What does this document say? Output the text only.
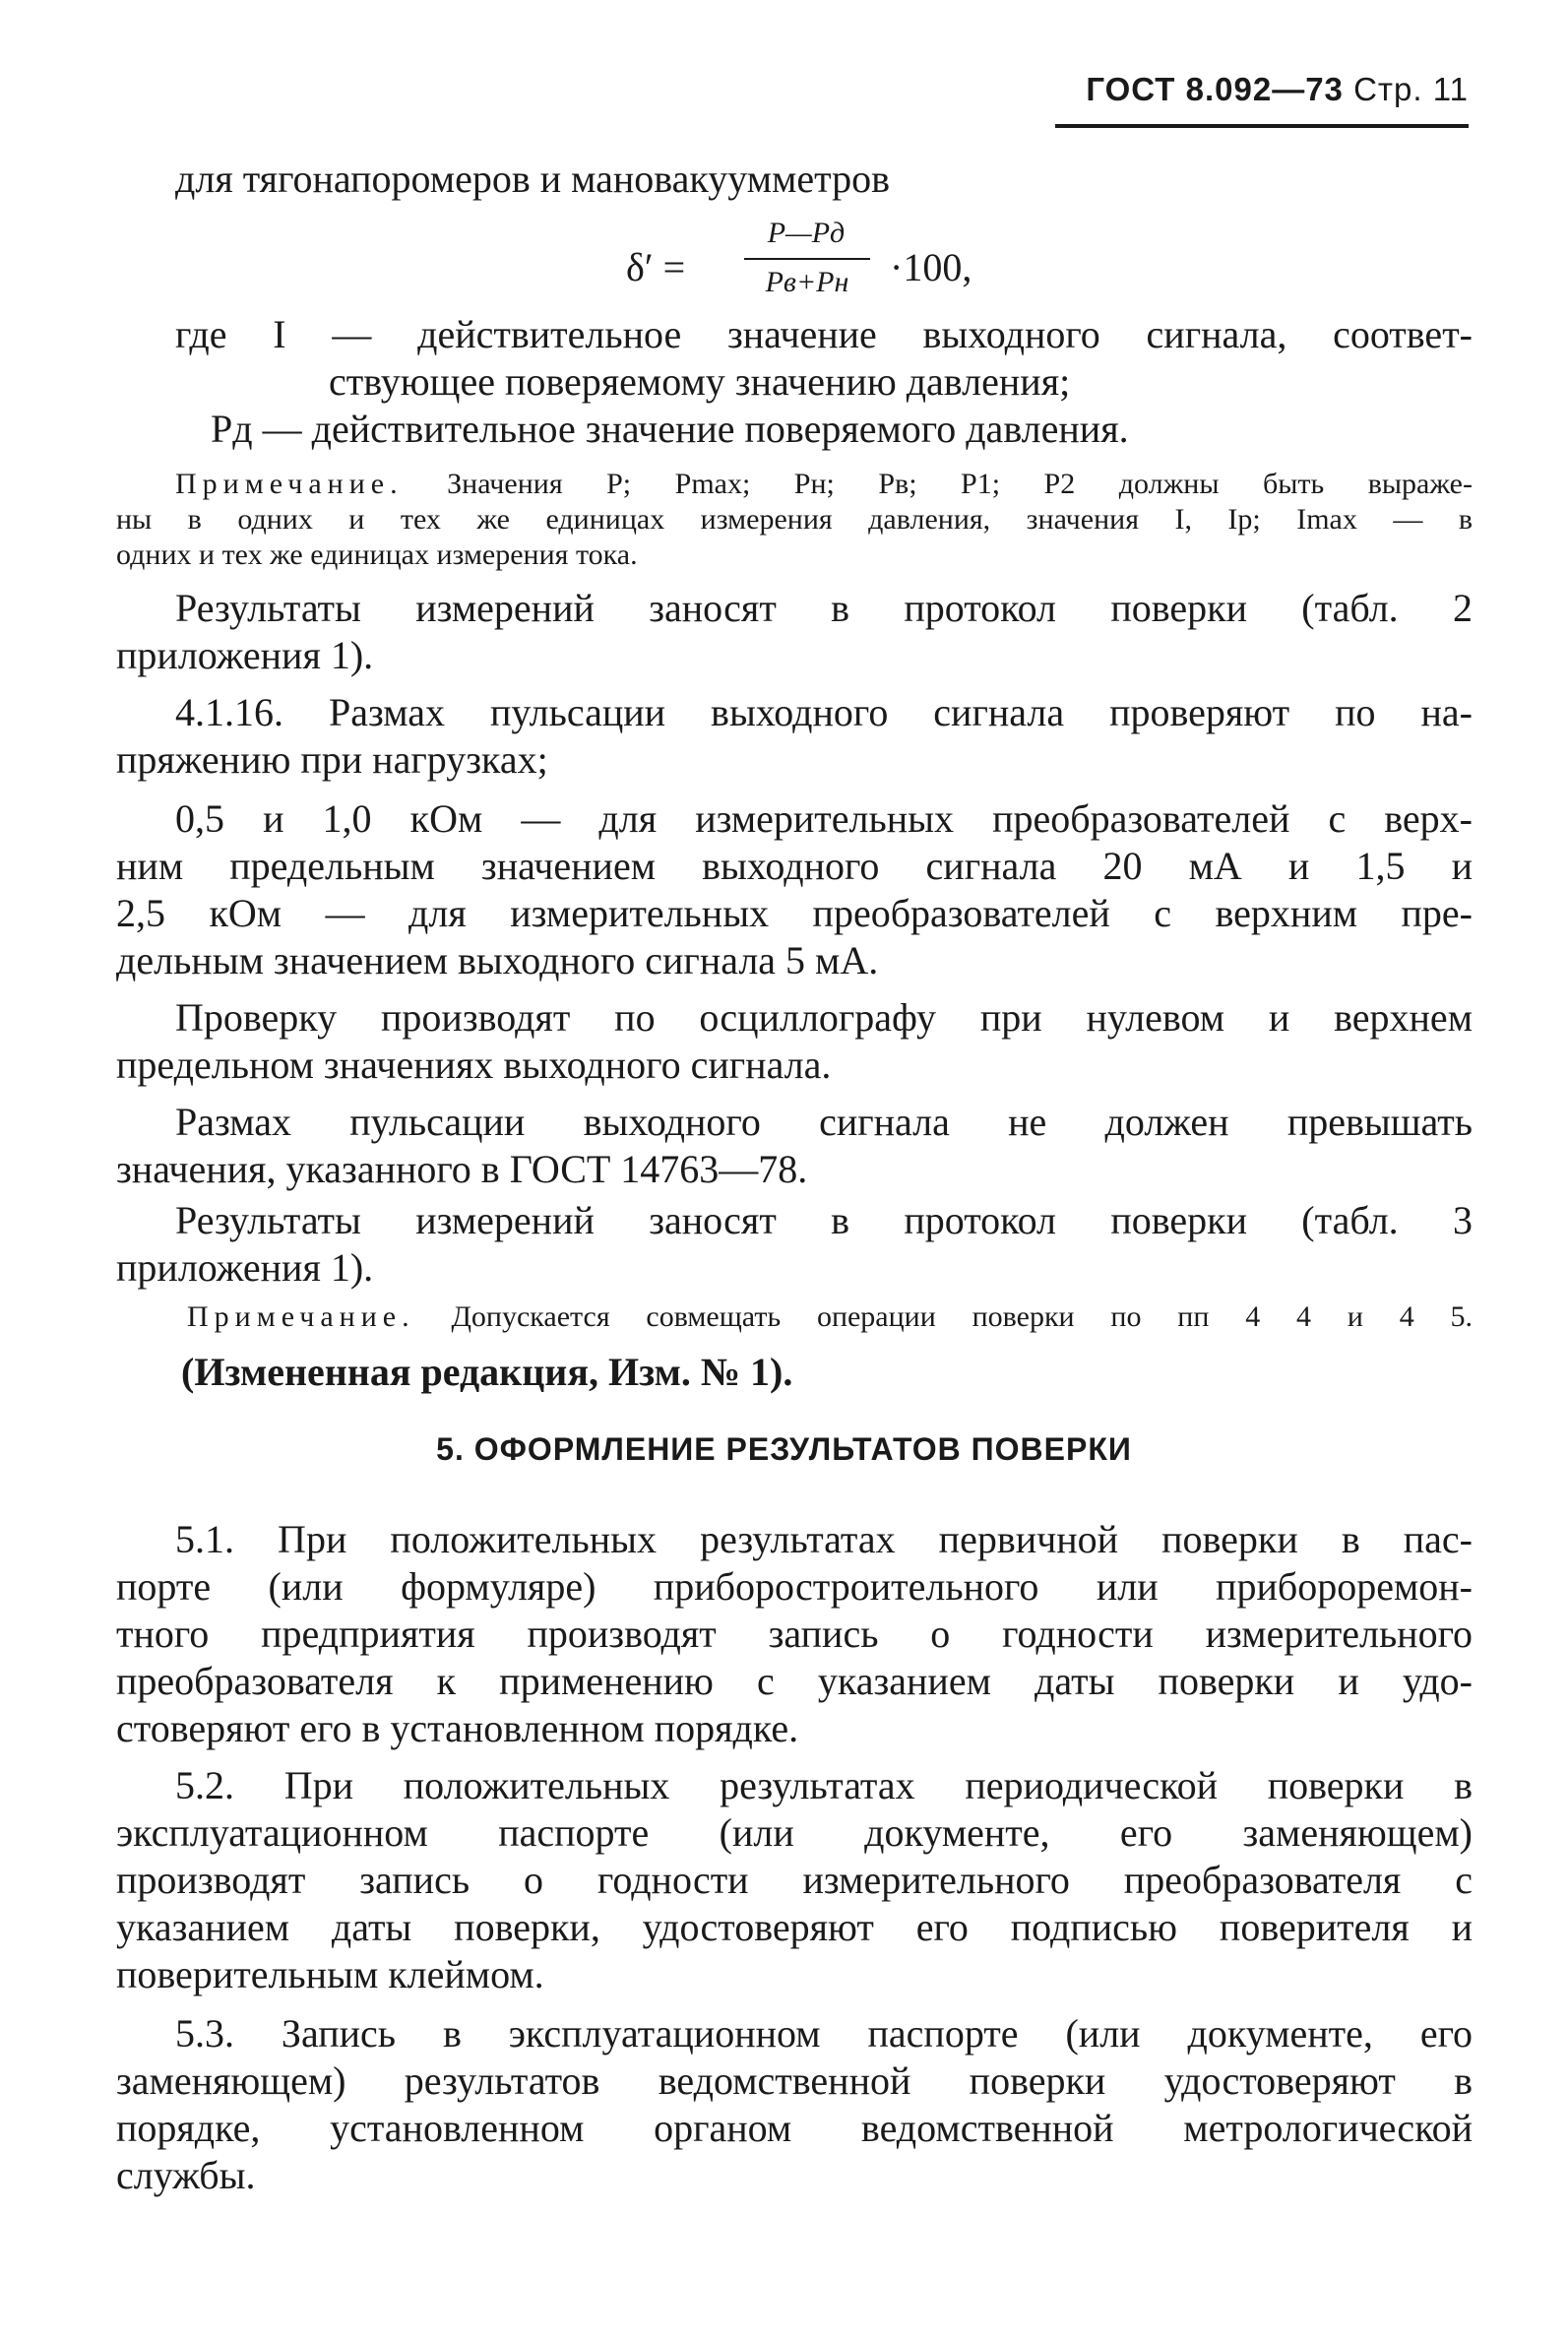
ГОСТ 8.092—73 Стр. 11

для тягонапоромеров и мановакуумметров

δ′ =
P—Pд
Pв+Pн	·100,

где I — действительное значение выходного сигнала, соответ-

ствующее поверяемому значению давления;

Pд — действительное значение поверяемого давления.

Примечание. Значения P; Pmax; Pн; Pв; P1; P2 должны быть выраже-

ны в одних и тех же единицах измерения давления, значения I, Iр; Imax — в

одних и тех же единицах измерения тока.

Результаты измерений заносят в протокол поверки (табл. 2

приложения 1).

4.1.16. Размах пульсации выходного сигнала проверяют по на-

пряжению при нагрузках;

0,5 и 1,0 кОм — для измерительных преобразователей с верх-

ним предельным значением выходного сигнала 20 мА и 1,5 и

2,5 кОм — для измерительных преобразователей с верхним пре-

дельным значением выходного сигнала 5 мА.

Проверку производят по осциллографу при нулевом и верхнем

предельном значениях выходного сигнала.

Размах пульсации выходного сигнала не должен превышать

значения, указанного в ГОСТ 14763—78.

Результаты измерений заносят в протокол поверки (табл. 3

приложения 1).

Примечание. Допускается совмещать операции поверки по пп 4 4 и 4 5.

(Измененная редакция, Изм. № 1).

5. ОФОРМЛЕНИЕ РЕЗУЛЬТАТОВ ПОВЕРКИ

5.1. При положительных результатах первичной поверки в пас-

порте (или формуляре) приборостроительного или прибороремон-

тного предприятия производят запись о годности измерительного

преобразователя к применению с указанием даты поверки и удо-

стоверяют его в установленном порядке.

5.2. При положительных результатах периодической поверки в

эксплуатационном паспорте (или документе, его заменяющем)

производят запись о годности измерительного преобразователя с

указанием даты поверки, удостоверяют его подписью поверителя и

поверительным клеймом.

5.3. Запись в эксплуатационном паспорте (или документе, его

заменяющем) результатов ведомственной поверки удостоверяют в

порядке, установленном органом ведомственной метрологической

службы.
